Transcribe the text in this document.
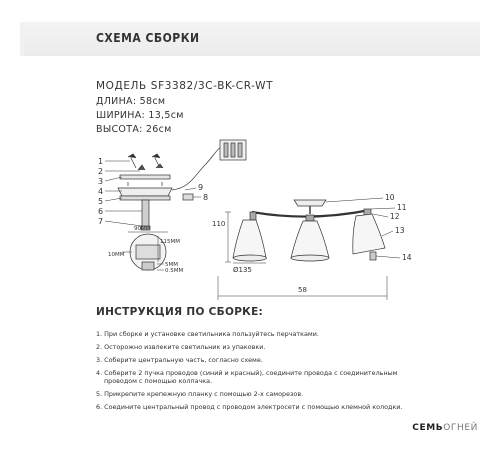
СХЕМА СБОРКИ
МОДЕЛЬ SF3382/3C-BK-CR-WT
ДЛИНА: 58см
ШИРИНА: 13,5см
ВЫСОТА: 26см
1
2
3
4
5
6
7
8
9
90ММ
115ММ
10ММ
5ММ
0.5ММ
110
Ø135
58
10
11
12
13
14
ИНСТРУКЦИЯ ПО СБОРКЕ:
1. При сборке и установке светильника пользуйтесь перчатками.
2. Осторожно извлеките светильник из упаковки.
3. Соберите центральную часть, согласно схеме.
4. Соберите 2 пучка проводов (синий и красный), соедините провода с соединительным
проводом с помощью колпачка.
5. Прикрепите крепежную планку с помощью 2-х саморезов.
6. Соедините центральный провод с проводом электросети с помощью клемной колодки.
СЕМЬОГНЕЙ
